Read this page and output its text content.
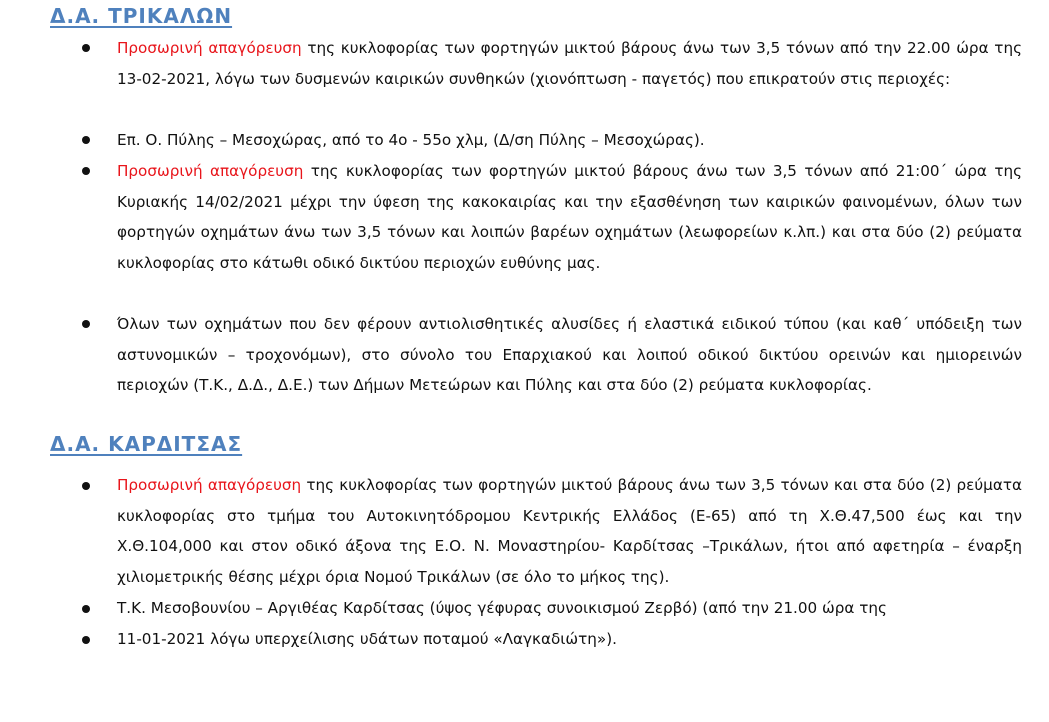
Δ.Α. ΤΡΙΚΑΛΩΝ
Προσωρινή απαγόρευση της κυκλοφορίας των φορτηγών μικτού βάρους άνω των 3,5 τόνων από την 22.00 ώρα της 13-02-2021, λόγω των δυσμενών καιρικών συνθηκών (χιονόπτωση - παγετός) που επικρατούν στις περιοχές:
Επ. Ο. Πύλης – Μεσοχώρας, από το 4ο - 55ο χλμ, (Δ/ση Πύλης – Μεσοχώρας).
Προσωρινή απαγόρευση της κυκλοφορίας των φορτηγών μικτού βάρους άνω των 3,5 τόνων από 21:00΄ ώρα της Κυριακής 14/02/2021 μέχρι την ύφεση της κακοκαιρίας και την εξασθένηση των καιρικών φαινομένων, όλων των φορτηγών οχημάτων άνω των 3,5 τόνων και λοιπών βαρέων οχημάτων (λεωφορείων κ.λπ.) και στα δύο (2) ρεύματα κυκλοφορίας στο κάτωθι οδικό δικτύου περιοχών ευθύνης μας.
Όλων των οχημάτων που δεν φέρουν αντιολισθητικές αλυσίδες ή ελαστικά ειδικού τύπου (και καθ΄ υπόδειξη των αστυνομικών – τροχονόμων), στο σύνολο του Επαρχιακού και λοιπού οδικού δικτύου ορεινών και ημιορεινών περιοχών (Τ.Κ., Δ.Δ., Δ.Ε.) των Δήμων Μετεώρων και Πύλης και στα δύο (2) ρεύματα κυκλοφορίας.
Δ.Α. ΚΑΡΔΙΤΣΑΣ
Προσωρινή απαγόρευση της κυκλοφορίας των φορτηγών μικτού βάρους άνω των 3,5 τόνων και στα δύο (2) ρεύματα κυκλοφορίας στο τμήμα του Αυτοκινητόδρομου Κεντρικής Ελλάδος (Ε-65) από τη Χ.Θ.47,500 έως και την Χ.Θ.104,000 και στον οδικό άξονα της Ε.Ο. Ν. Μοναστηρίου- Καρδίτσας –Τρικάλων, ήτοι από αφετηρία – έναρξη χιλιομετρικής θέσης μέχρι όρια Νομού Τρικάλων (σε όλο το μήκος της).
Τ.Κ. Μεσοβουνίου – Αργιθέας Καρδίτσας (ύψος γέφυρας συνοικισμού Ζερβό) (από την 21.00 ώρα της
11-01-2021 λόγω υπερχείλισης υδάτων ποταμού «Λαγκαδιώτη»).
